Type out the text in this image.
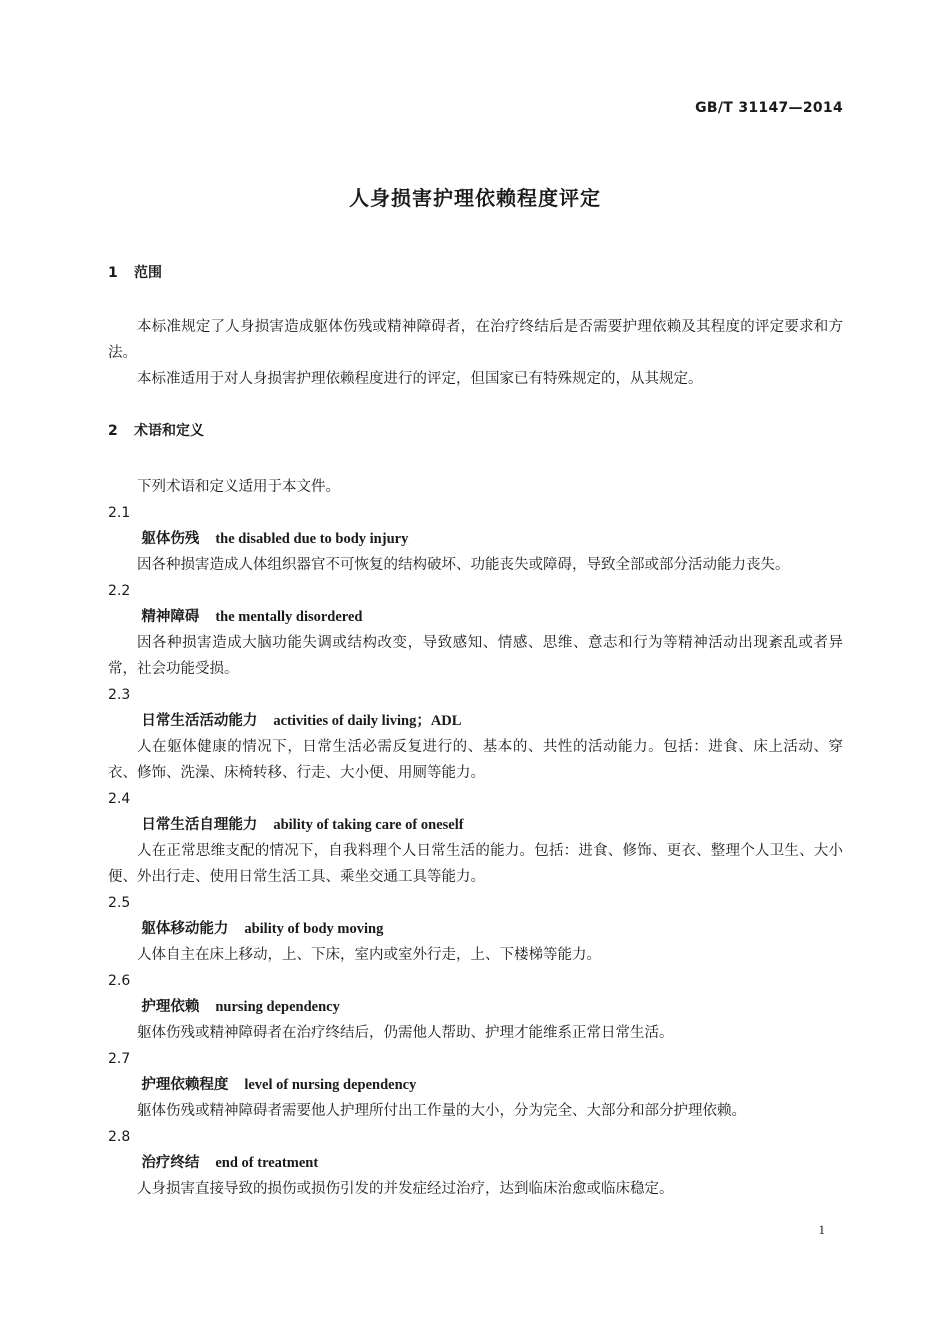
GB/T 31147—2014
人身损害护理依赖程度评定
1 范围

本标准规定了人身损害造成躯体伤残或精神障碍者，在治疗终结后是否需要护理依赖及其程度的评定要求和方法。

本标准适用于对人身损害护理依赖程度进行的评定，但国家已有特殊规定的，从其规定。

2 术语和定义

下列术语和定义适用于本文件。

2.1
躯体伤残 the disabled due to body injury

因各种损害造成人体组织器官不可恢复的结构破坏、功能丧失或障碍，导致全部或部分活动能力丧失。

2.2
精神障碍 the mentally disordered

因各种损害造成大脑功能失调或结构改变，导致感知、情感、思维、意志和行为等精神活动出现紊乱或者异常，社会功能受损。

2.3
日常生活活动能力 activities of daily living；ADL

人在躯体健康的情况下，日常生活必需反复进行的、基本的、共性的活动能力。包括：进食、床上活动、穿衣、修饰、洗澡、床椅转移、行走、大小便、用厕等能力。

2.4
日常生活自理能力 ability of taking care of oneself

人在正常思维支配的情况下，自我料理个人日常生活的能力。包括：进食、修饰、更衣、整理个人卫生、大小便、外出行走、使用日常生活工具、乘坐交通工具等能力。

2.5
躯体移动能力 ability of body moving

人体自主在床上移动，上、下床，室内或室外行走，上、下楼梯等能力。

2.6
护理依赖 nursing dependency

躯体伤残或精神障碍者在治疗终结后，仍需他人帮助、护理才能维系正常日常生活。

2.7
护理依赖程度 level of nursing dependency

躯体伤残或精神障碍者需要他人护理所付出工作量的大小，分为完全、大部分和部分护理依赖。

2.8
治疗终结 end of treatment

人身损害直接导致的损伤或损伤引发的并发症经过治疗，达到临床治愈或临床稳定。

1
